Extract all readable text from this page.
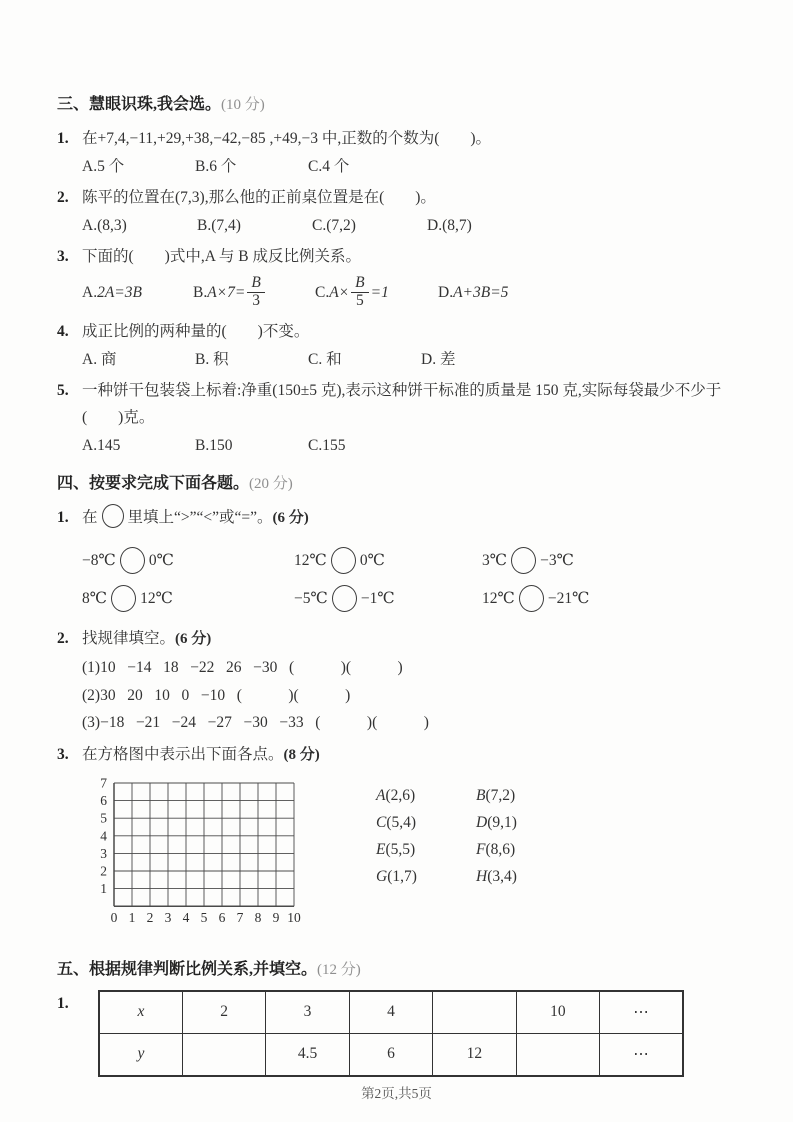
三、慧眼识珠,我会选。(10 分)
1. 在+7,4,−11,+29,+38,−42,−85 ,+49,−3 中,正数的个数为(　　)。
A.5 个	B.6 个	C.4 个
2. 陈平的位置在(7,3),那么他的正前桌位置是在(　　)。
A.(8,3)	B.(7,4)	C.(7,2)	D.(8,7)
3. 下面的(　　)式中,A 与 B 成反比例关系。
A. 2A=3B	B. $A\times 7= \frac{B}{3}$	C. $A\times \frac{B}{5} =1$	D. A+3B=5
4. 成正比例的两种量的(　　)不变。
A. 商	B. 积	C. 和	D. 差
5. 一种饼干包装袋上标着:净重(150±5 克),表示这种饼干标准的质量是 150 克,实际每袋最少不少于(　　)克。
A.145	B.150	C.155
四、按要求完成下面各题。(20 分)
1. 在 里填上“>”“<”或“=”。(6 分)
−8℃ 0℃	12℃ 0℃	3℃ −3℃
8℃ 12℃	−5℃ −1℃	12℃ −21℃
2. 找规律填空。(6 分)
(1)10   −14   18   −22   26   −30   (            )(            )
(2)30   20   10   0   −10   (            )(            )
(3)−18   −21   −24   −27   −30   −33   (            )(            )
3. 在方格图中表示出下面各点。(8 分)
7
6
5
4
3
2
1
0 1 2 3 4 5 6 7 8 9 10
A(2,6)	B(7,2)
C(5,4)	D(9,1)
E(5,5)	F(8,6)
G(1,7)	H(3,4)
五、根据规律判断比例关系,并填空。(12 分)
1.	x	2	3	4		10	⋯
y		4.5	6	12		⋯
第2页,共5页
